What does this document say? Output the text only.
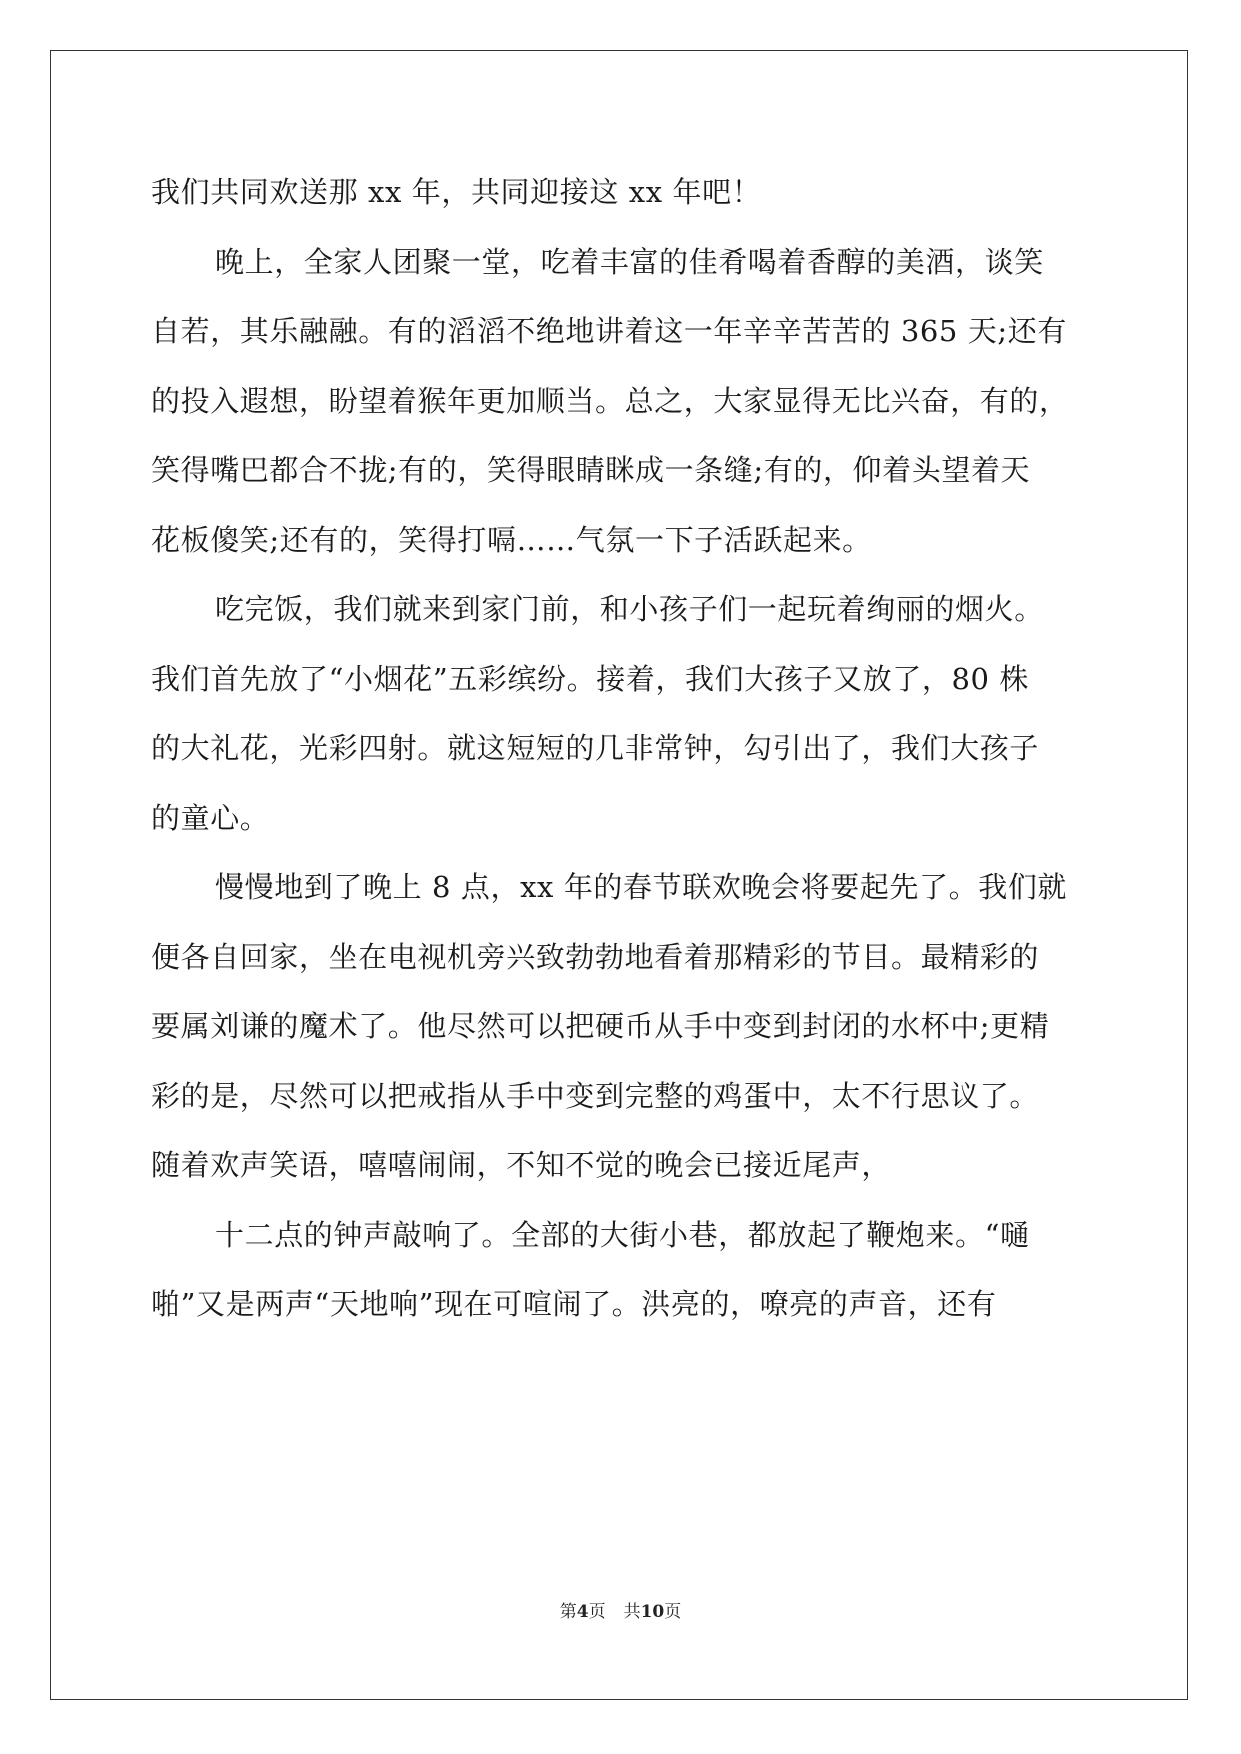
我们共同欢送那 xx 年，共同迎接这 xx 年吧！
晚上，全家人团聚一堂，吃着丰富的佳肴喝着香醇的美酒，谈笑
自若，其乐融融。有的滔滔不绝地讲着这一年辛辛苦苦的 365 天;还有
的投入遐想，盼望着猴年更加顺当。总之，大家显得无比兴奋，有的，
笑得嘴巴都合不拢;有的，笑得眼睛眯成一条缝;有的，仰着头望着天
花板傻笑;还有的，笑得打嗝……气氛一下子活跃起来。
吃完饭，我们就来到家门前，和小孩子们一起玩着绚丽的烟火。
我们首先放了“小烟花”五彩缤纷。接着，我们大孩子又放了，80 株
的大礼花，光彩四射。就这短短的几非常钟，勾引出了，我们大孩子
的童心。
慢慢地到了晚上 8 点，xx 年的春节联欢晚会将要起先了。我们就
便各自回家，坐在电视机旁兴致勃勃地看着那精彩的节目。最精彩的
要属刘谦的魔术了。他尽然可以把硬币从手中变到封闭的水杯中;更精
彩的是，尽然可以把戒指从手中变到完整的鸡蛋中，太不行思议了。
随着欢声笑语，嘻嘻闹闹，不知不觉的晚会已接近尾声，
十二点的钟声敲响了。全部的大街小巷，都放起了鞭炮来。“嗵
啪”又是两声“天地响”现在可喧闹了。洪亮的，嘹亮的声音，还有
第4页 共10页
